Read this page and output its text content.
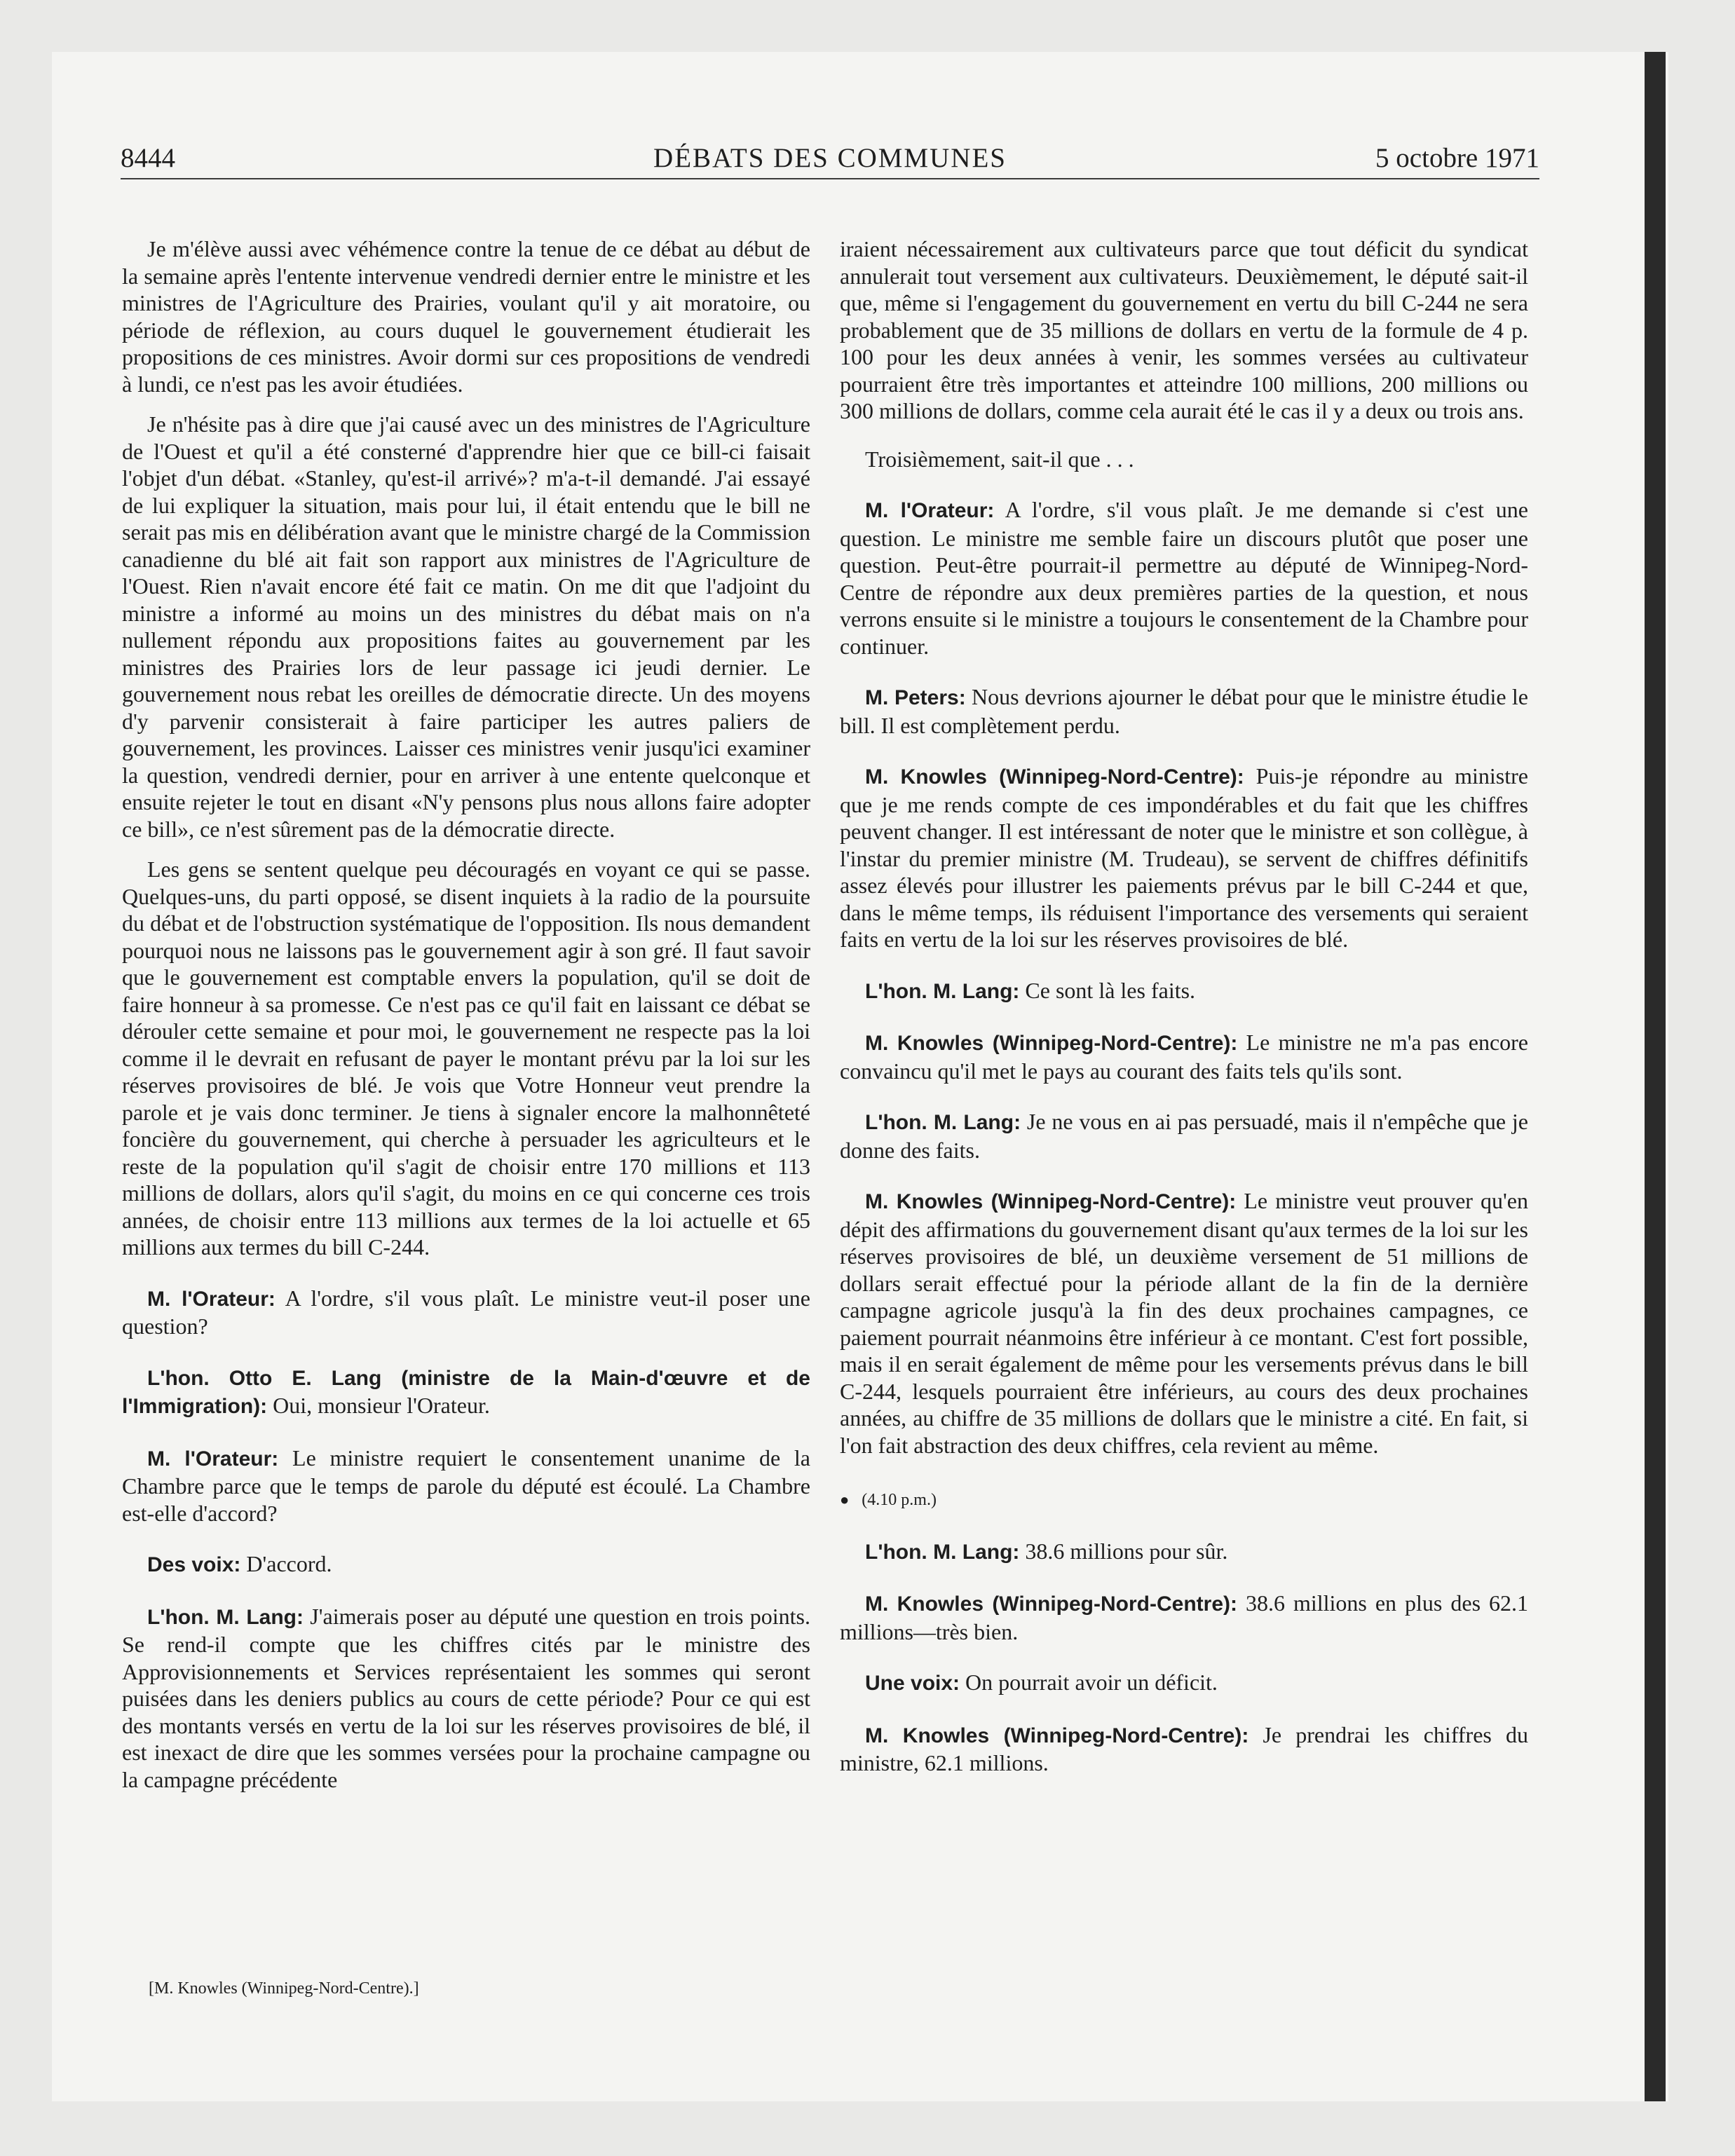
8444	DÉBATS DES COMMUNES	5 octobre 1971

Je m'élève aussi avec véhémence contre la tenue de ce débat au début de la semaine après l'entente intervenue vendredi dernier entre le ministre et les ministres de l'Agriculture des Prairies, voulant qu'il y ait moratoire, ou période de réflexion, au cours duquel le gouvernement étudierait les propositions de ces ministres. Avoir dormi sur ces propositions de vendredi à lundi, ce n'est pas les avoir étudiées.

Je n'hésite pas à dire que j'ai causé avec un des ministres de l'Agriculture de l'Ouest et qu'il a été consterné d'apprendre hier que ce bill-ci faisait l'objet d'un débat. «Stanley, qu'est-il arrivé»? m'a-t-il demandé. J'ai essayé de lui expliquer la situation, mais pour lui, il était entendu que le bill ne serait pas mis en délibération avant que le ministre chargé de la Commission canadienne du blé ait fait son rapport aux ministres de l'Agriculture de l'Ouest. Rien n'avait encore été fait ce matin. On me dit que l'adjoint du ministre a informé au moins un des ministres du débat mais on n'a nullement répondu aux propositions faites au gouvernement par les ministres des Prairies lors de leur passage ici jeudi dernier. Le gouvernement nous rebat les oreilles de démocratie directe. Un des moyens d'y parvenir consisterait à faire participer les autres paliers de gouvernement, les provinces. Laisser ces ministres venir jusqu'ici examiner la question, vendredi dernier, pour en arriver à une entente quelconque et ensuite rejeter le tout en disant «N'y pensons plus nous allons faire adopter ce bill», ce n'est sûrement pas de la démocratie directe.

Les gens se sentent quelque peu découragés en voyant ce qui se passe. Quelques-uns, du parti opposé, se disent inquiets à la radio de la poursuite du débat et de l'obstruction systématique de l'opposition. Ils nous demandent pourquoi nous ne laissons pas le gouvernement agir à son gré. Il faut savoir que le gouvernement est comptable envers la population, qu'il se doit de faire honneur à sa promesse. Ce n'est pas ce qu'il fait en laissant ce débat se dérouler cette semaine et pour moi, le gouvernement ne respecte pas la loi comme il le devrait en refusant de payer le montant prévu par la loi sur les réserves provisoires de blé. Je vois que Votre Honneur veut prendre la parole et je vais donc terminer. Je tiens à signaler encore la malhonnêteté foncière du gouvernement, qui cherche à persuader les agriculteurs et le reste de la population qu'il s'agit de choisir entre 170 millions et 113 millions de dollars, alors qu'il s'agit, du moins en ce qui concerne ces trois années, de choisir entre 113 millions aux termes de la loi actuelle et 65 millions aux termes du bill C-244.

M. l'Orateur: A l'ordre, s'il vous plaît. Le ministre veut-il poser une question?

L'hon. Otto E. Lang (ministre de la Main-d'œuvre et de l'Immigration): Oui, monsieur l'Orateur.

M. l'Orateur: Le ministre requiert le consentement unanime de la Chambre parce que le temps de parole du député est écoulé. La Chambre est-elle d'accord?

Des voix: D'accord.

L'hon. M. Lang: J'aimerais poser au député une question en trois points. Se rend-il compte que les chiffres cités par le ministre des Approvisionnements et Services représentaient les sommes qui seront puisées dans les deniers publics au cours de cette période? Pour ce qui est des montants versés en vertu de la loi sur les réserves provisoires de blé, il est inexact de dire que les sommes versées pour la prochaine campagne ou la campagne précédente

[M. Knowles (Winnipeg-Nord-Centre).]

iraient nécessairement aux cultivateurs parce que tout déficit du syndicat annulerait tout versement aux cultivateurs. Deuxièmement, le député sait-il que, même si l'engagement du gouvernement en vertu du bill C-244 ne sera probablement que de 35 millions de dollars en vertu de la formule de 4 p. 100 pour les deux années à venir, les sommes versées au cultivateur pourraient être très importantes et atteindre 100 millions, 200 millions ou 300 millions de dollars, comme cela aurait été le cas il y a deux ou trois ans.

Troisièmement, sait-il que . . .

M. l'Orateur: A l'ordre, s'il vous plaît. Je me demande si c'est une question. Le ministre me semble faire un discours plutôt que poser une question. Peut-être pourrait-il permettre au député de Winnipeg-Nord-Centre de répondre aux deux premières parties de la question, et nous verrons ensuite si le ministre a toujours le consentement de la Chambre pour continuer.

M. Peters: Nous devrions ajourner le débat pour que le ministre étudie le bill. Il est complètement perdu.

M. Knowles (Winnipeg-Nord-Centre): Puis-je répondre au ministre que je me rends compte de ces impondérables et du fait que les chiffres peuvent changer. Il est intéressant de noter que le ministre et son collègue, à l'instar du premier ministre (M. Trudeau), se servent de chiffres définitifs assez élevés pour illustrer les paiements prévus par le bill C-244 et que, dans le même temps, ils réduisent l'importance des versements qui seraient faits en vertu de la loi sur les réserves provisoires de blé.

L'hon. M. Lang: Ce sont là les faits.

M. Knowles (Winnipeg-Nord-Centre): Le ministre ne m'a pas encore convaincu qu'il met le pays au courant des faits tels qu'ils sont.

L'hon. M. Lang: Je ne vous en ai pas persuadé, mais il n'empêche que je donne des faits.

M. Knowles (Winnipeg-Nord-Centre): Le ministre veut prouver qu'en dépit des affirmations du gouvernement disant qu'aux termes de la loi sur les réserves provisoires de blé, un deuxième versement de 51 millions de dollars serait effectué pour la période allant de la fin de la dernière campagne agricole jusqu'à la fin des deux prochaines campagnes, ce paiement pourrait néanmoins être inférieur à ce montant. C'est fort possible, mais il en serait également de même pour les versements prévus dans le bill C-244, lesquels pourraient être inférieurs, au cours des deux prochaines années, au chiffre de 35 millions de dollars que le ministre a cité. En fait, si l'on fait abstraction des deux chiffres, cela revient au même.

● (4.10 p.m.)

L'hon. M. Lang: 38.6 millions pour sûr.

M. Knowles (Winnipeg-Nord-Centre): 38.6 millions en plus des 62.1 millions—très bien.

Une voix: On pourrait avoir un déficit.

M. Knowles (Winnipeg-Nord-Centre): Je prendrai les chiffres du ministre, 62.1 millions.
